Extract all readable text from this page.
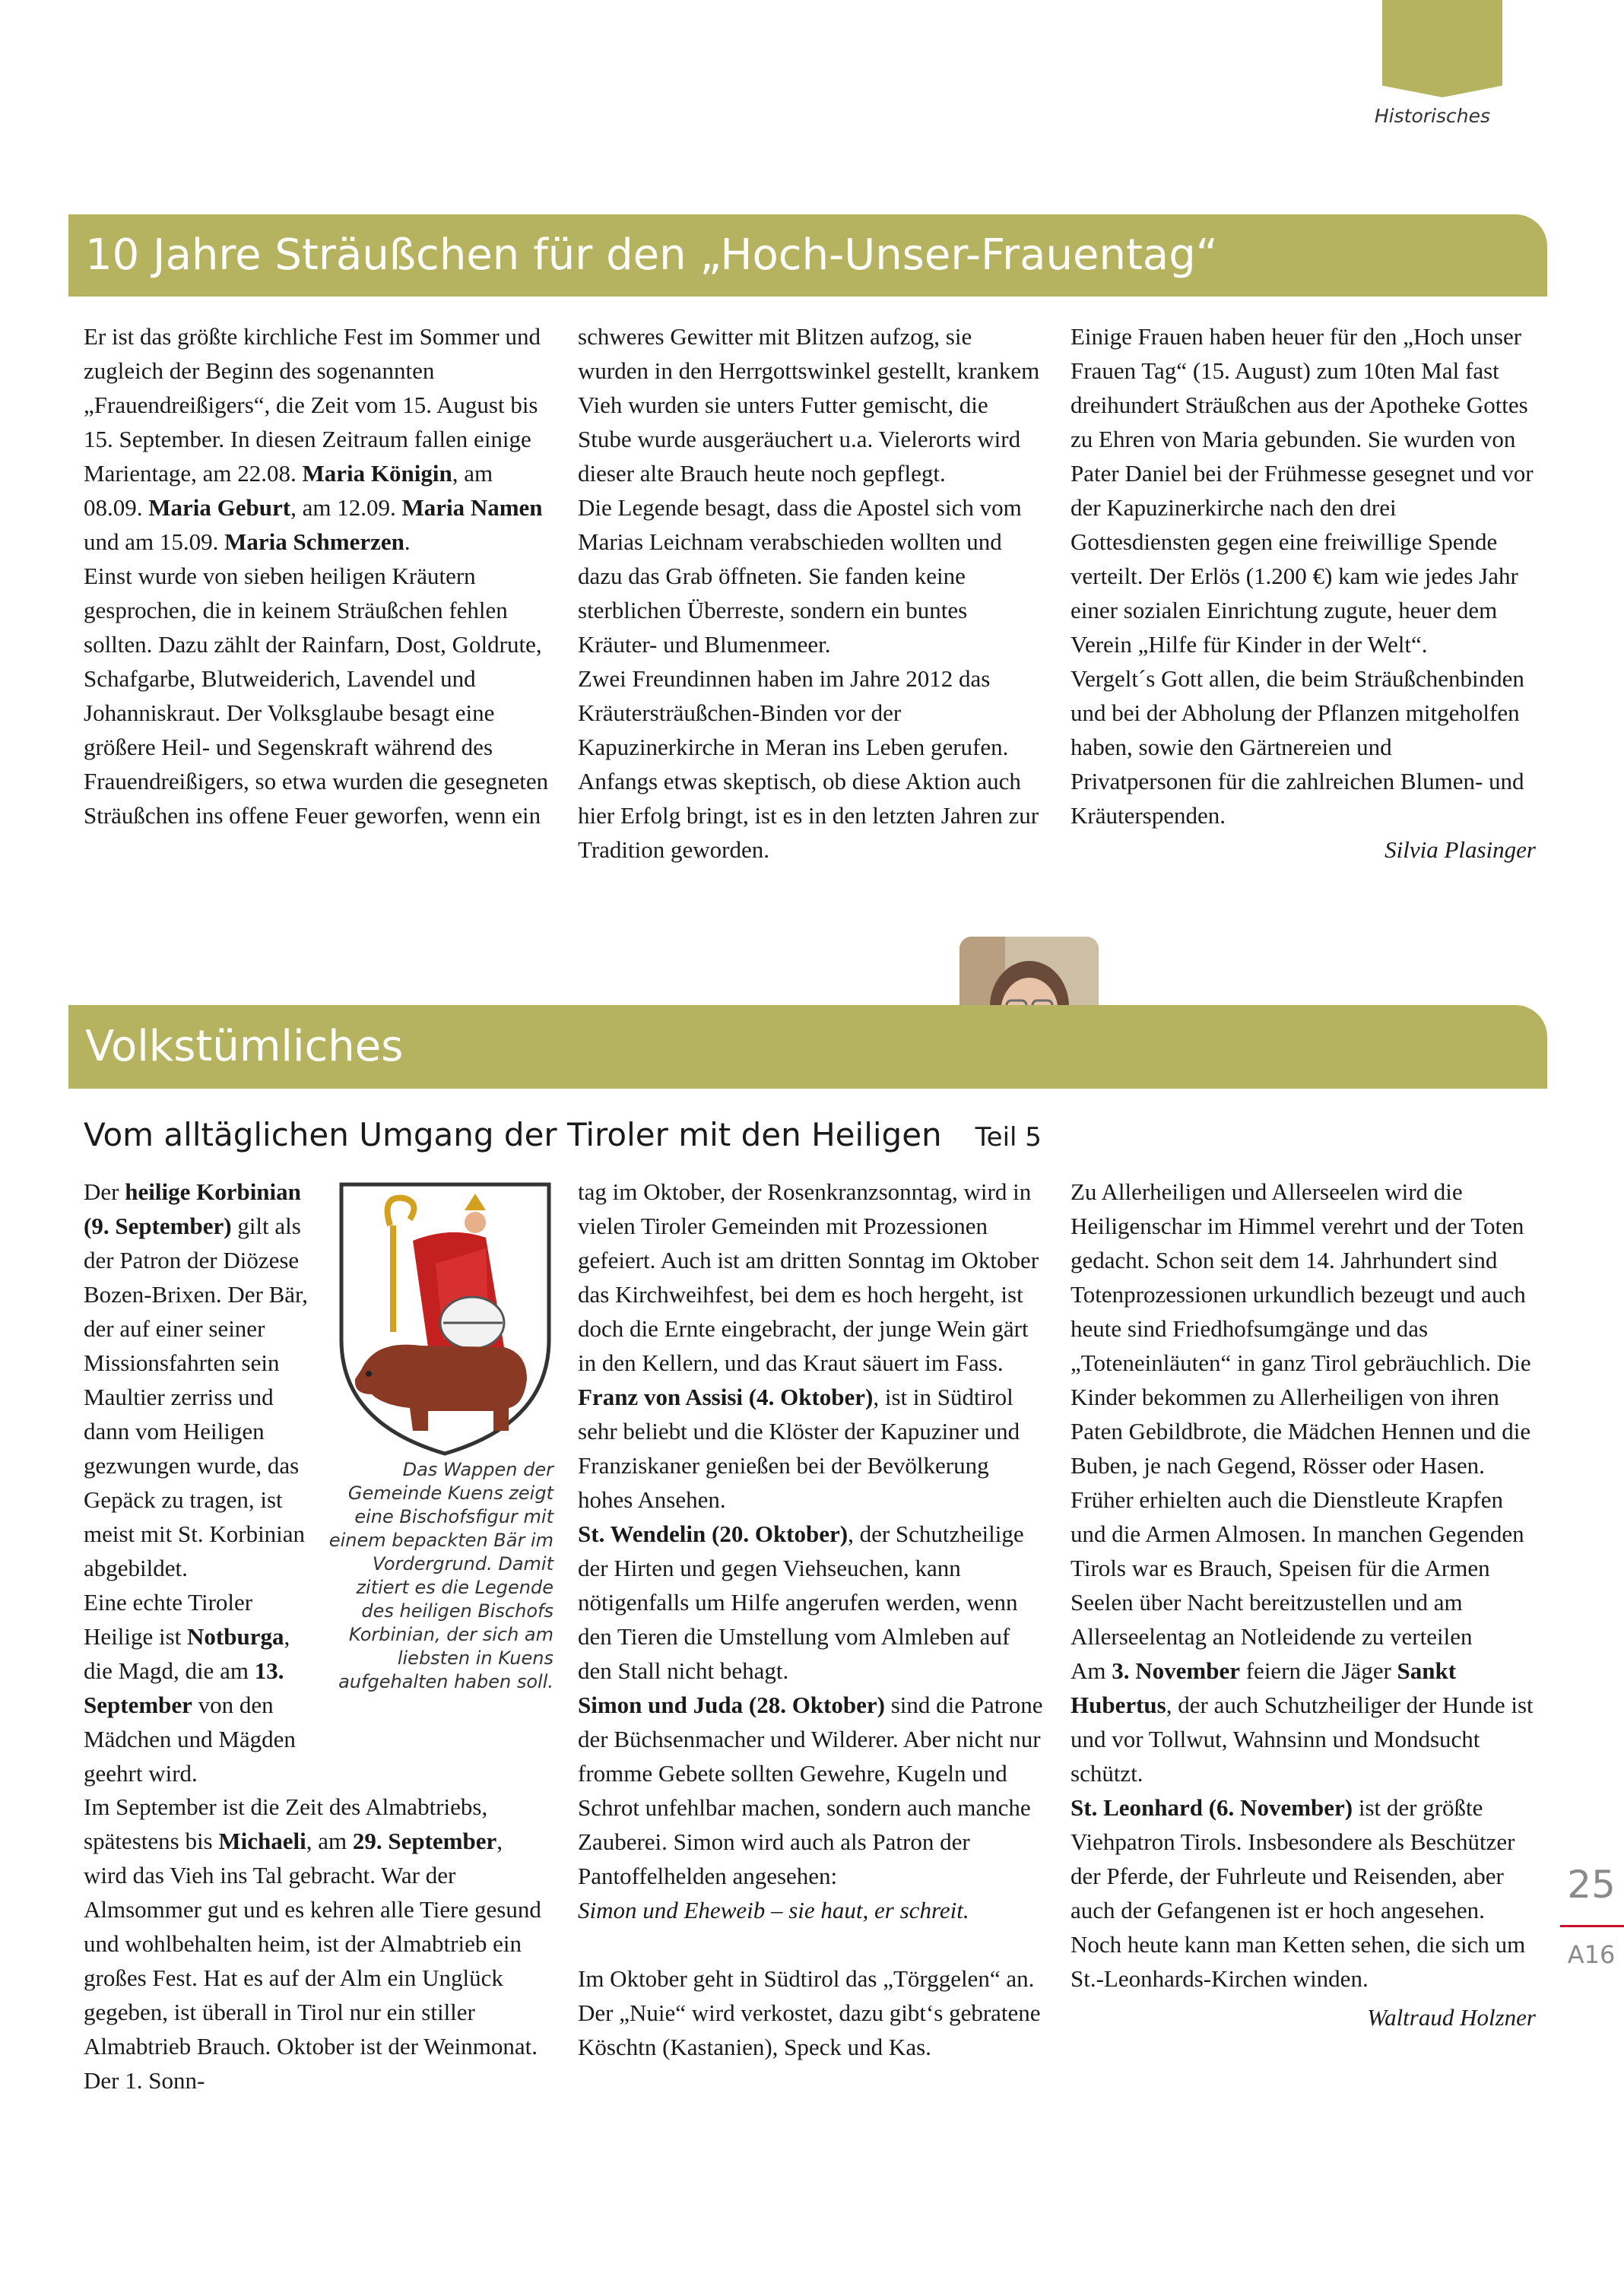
Historisches
10 Jahre Sträußchen für den „Hoch-Unser-Frauentag“

Er ist das größte kirchliche Fest im Sommer und zugleich der Beginn des sogenannten „Frauendreißigers“, die Zeit vom 15. August bis 15. September. In diesen Zeitraum fallen einige Marientage, am 22.08. Maria Königin, am 08.09. Maria Geburt, am 12.09. Maria Namen und am 15.09. Maria Schmerzen.
Einst wurde von sieben heiligen Kräutern gesprochen, die in keinem Sträußchen fehlen sollten. Dazu zählt der Rainfarn, Dost, Goldrute, Schafgarbe, Blutweiderich, Lavendel und Johanniskraut. Der Volksglaube besagt eine größere Heil- und Segenskraft während des Frauendreißigers, so etwa wurden die gesegneten Sträußchen ins offene Feuer geworfen, wenn ein

schweres Gewitter mit Blitzen aufzog, sie wurden in den Herrgottswinkel gestellt, krankem Vieh wurden sie unters Futter gemischt, die Stube wurde ausgeräuchert u.a. Vielerorts wird dieser alte Brauch heute noch gepflegt.
Die Legende besagt, dass die Apostel sich vom Marias Leichnam verabschieden wollten und dazu das Grab öffneten. Sie fanden keine sterblichen Überreste, sondern ein buntes Kräuter- und Blumenmeer.
Zwei Freundinnen haben im Jahre 2012 das Kräutersträußchen-Binden vor der Kapuzinerkirche in Meran ins Leben gerufen. Anfangs etwas skeptisch, ob diese Aktion auch hier Erfolg bringt, ist es in den letzten Jahren zur Tradition geworden.

Einige Frauen haben heuer für den „Hoch unser Frauen Tag“ (15. August) zum 10ten Mal fast dreihundert Sträußchen aus der Apotheke Gottes zu Ehren von Maria gebunden. Sie wurden von Pater Daniel bei der Frühmesse gesegnet und vor der Kapuzinerkirche nach den drei Gottesdiensten gegen eine freiwillige Spende verteilt. Der Erlös (1.200 €) kam wie jedes Jahr einer sozialen Einrichtung zugute, heuer dem Verein „Hilfe für Kinder in der Welt“.
Vergelt´s Gott allen, die beim Sträußchenbinden und bei der Abholung der Pflanzen mitgeholfen haben, sowie den Gärtnereien und Privatpersonen für die zahlreichen Blumen- und Kräuterspenden.

Silvia Plasinger

Volkstümliches
Vom alltäglichen Umgang der Tiroler mit den Heiligen Teil 5
Das Wappen der Gemeinde Kuens zeigt eine Bischofsfigur mit einem bepackten Bär im Vordergrund. Damit zitiert es die Legende des heiligen Bischofs Korbinian, der sich am liebsten in Kuens aufgehalten haben soll.

Der heilige Korbinian (9. September) gilt als der Patron der Diözese Bozen-Brixen. Der Bär, der auf einer seiner Missionsfahrten sein Maultier zerriss und dann vom Heiligen gezwungen wurde, das Gepäck zu tragen, ist meist mit St. Korbinian abgebildet.
Eine echte Tiroler Heilige ist Notburga, die Magd, die am 13. September von den Mädchen und Mägden geehrt wird.

Im September ist die Zeit des Almabtriebs, spätestens bis Michaeli, am 29. September, wird das Vieh ins Tal gebracht. War der Almsommer gut und es kehren alle Tiere gesund und wohlbehalten heim, ist der Almabtrieb ein großes Fest. Hat es auf der Alm ein Unglück gegeben, ist überall in Tirol nur ein stiller Almabtrieb Brauch. Oktober ist der Weinmonat. Der 1. Sonn-

tag im Oktober, der Rosenkranzsonntag, wird in vielen Tiroler Gemeinden mit Prozessionen gefeiert. Auch ist am dritten Sonntag im Oktober das Kirchweihfest, bei dem es hoch hergeht, ist doch die Ernte eingebracht, der junge Wein gärt in den Kellern, und das Kraut säuert im Fass.
Franz von Assisi (4. Oktober), ist in Südtirol sehr beliebt und die Klöster der Kapuziner und Franziskaner genießen bei der Bevölkerung hohes Ansehen.
St. Wendelin (20. Oktober), der Schutzheilige der Hirten und gegen Viehseuchen, kann nötigenfalls um Hilfe angerufen werden, wenn den Tieren die Umstellung vom Almleben auf den Stall nicht behagt.
Simon und Juda (28. Oktober) sind die Patrone der Büchsenmacher und Wilderer. Aber nicht nur fromme Gebete sollten Gewehre, Kugeln und Schrot unfehlbar machen, sondern auch manche Zauberei. Simon wird auch als Patron der Pantoffelhelden angesehen:
Simon und Eheweib – sie haut, er schreit.

Im Oktober geht in Südtirol das „Törggelen“ an. Der „Nuie“ wird verkostet, dazu gibt‘s gebratene Köschtn (Kastanien), Speck und Kas.

Zu Allerheiligen und Allerseelen wird die Heiligenschar im Himmel verehrt und der Toten gedacht. Schon seit dem 14. Jahrhundert sind Totenprozessionen urkundlich bezeugt und auch heute sind Friedhofsumgänge und das „Toteneinläuten“ in ganz Tirol gebräuchlich. Die Kinder bekommen zu Allerheiligen von ihren Paten Gebildbrote, die Mädchen Hennen und die Buben, je nach Gegend, Rösser oder Hasen. Früher erhielten auch die Dienstleute Krapfen und die Armen Almosen. In manchen Gegenden Tirols war es Brauch, Speisen für die Armen Seelen über Nacht bereitzustellen und am Allerseelentag an Notleidende zu verteilen
Am 3. November feiern die Jäger Sankt Hubertus, der auch Schutzheiliger der Hunde ist und vor Tollwut, Wahnsinn und Mondsucht schützt.
St. Leonhard (6. November) ist der größte Viehpatron Tirols. Insbesondere als Beschützer der Pferde, der Fuhrleute und Reisenden, aber auch der Gefangenen ist er hoch angesehen. Noch heute kann man Ketten sehen, die sich um St.-Leonhards-Kirchen winden.

Waltraud Holzner

25
A16
